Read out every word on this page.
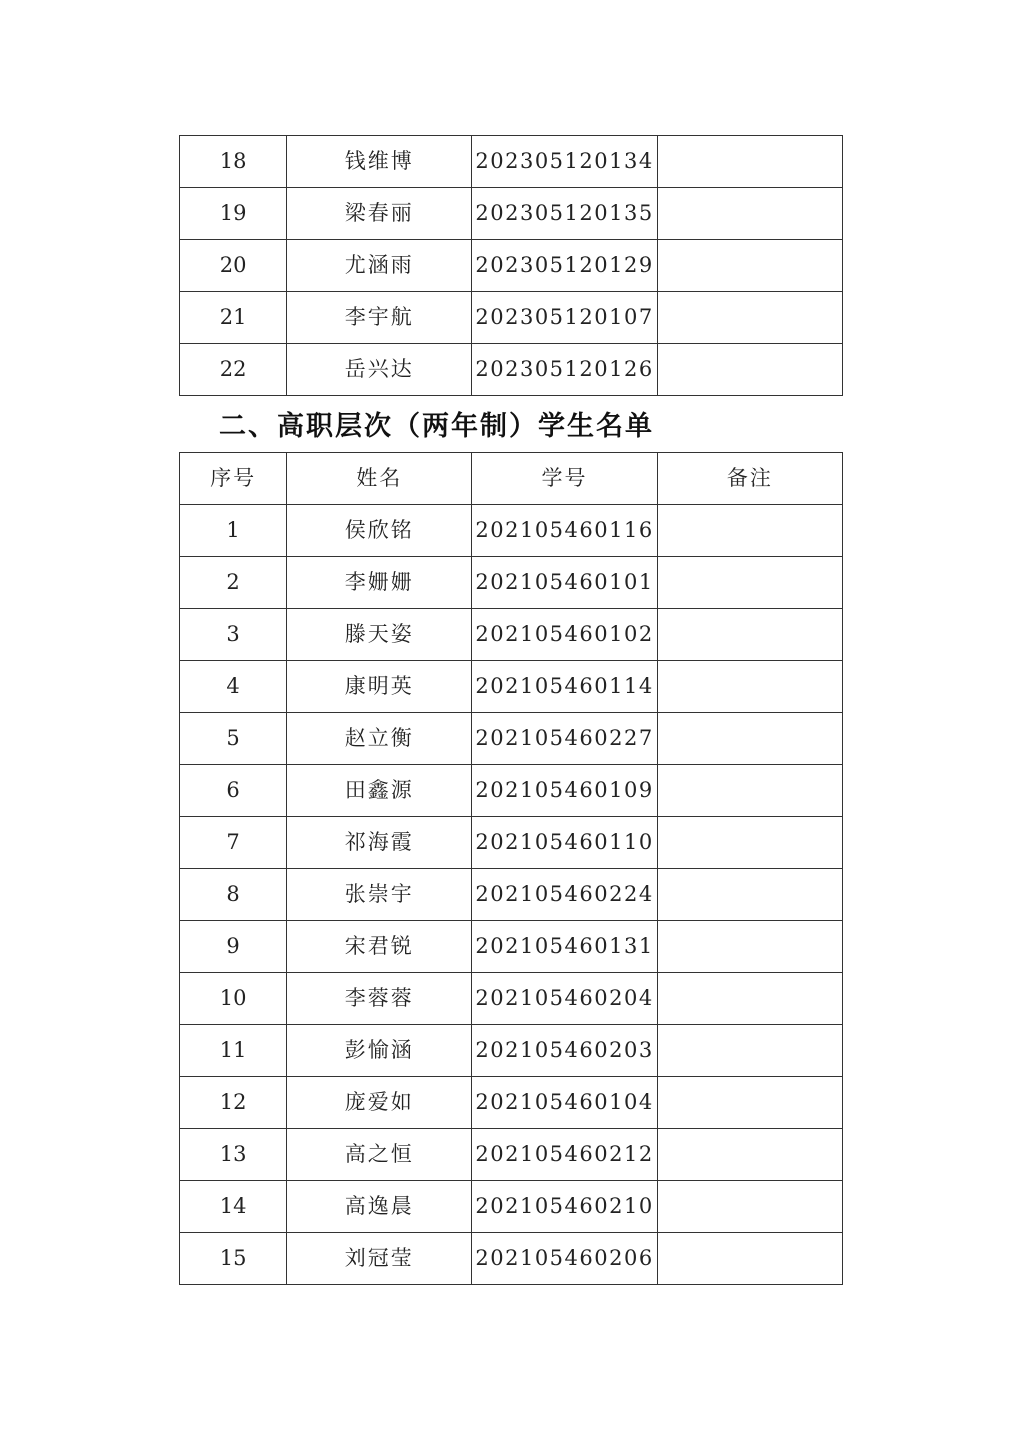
18	钱维博	202305120134	
19	梁春丽	202305120135	
20	尤涵雨	202305120129	
21	李宇航	202305120107	
22	岳兴达	202305120126	
二、高职层次（两年制）学生名单
序号	姓名	学号	备注
1	侯欣铭	202105460116	
2	李姗姗	202105460101	
3	滕天姿	202105460102	
4	康明英	202105460114	
5	赵立衡	202105460227	
6	田鑫源	202105460109	
7	祁海霞	202105460110	
8	张崇宇	202105460224	
9	宋君锐	202105460131	
10	李蓉蓉	202105460204	
11	彭愉涵	202105460203	
12	庞爱如	202105460104	
13	高之恒	202105460212	
14	高逸晨	202105460210	
15	刘冠莹	202105460206	
